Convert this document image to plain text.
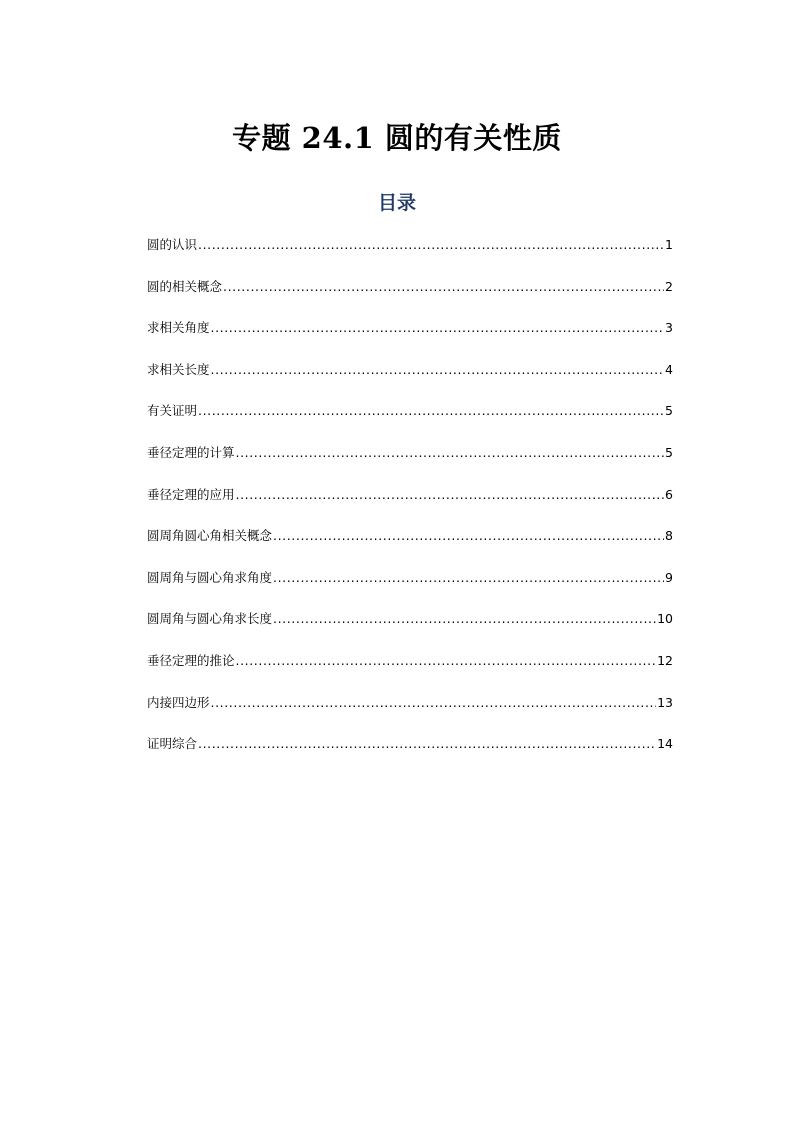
专题 24.1 圆的有关性质
目录
圆的认识 .....	1
圆的相关概念 .....	2
求相关角度 .....	3
求相关长度 .....	4
有关证明 .....	5
垂径定理的计算 .....	5
垂径定理的应用 .....	6
圆周角圆心角相关概念 .....	8
圆周角与圆心角求角度 .....	9
圆周角与圆心角求长度 .....	10
垂径定理的推论 .....	12
内接四边形 .....	13
证明综合 .....	14
